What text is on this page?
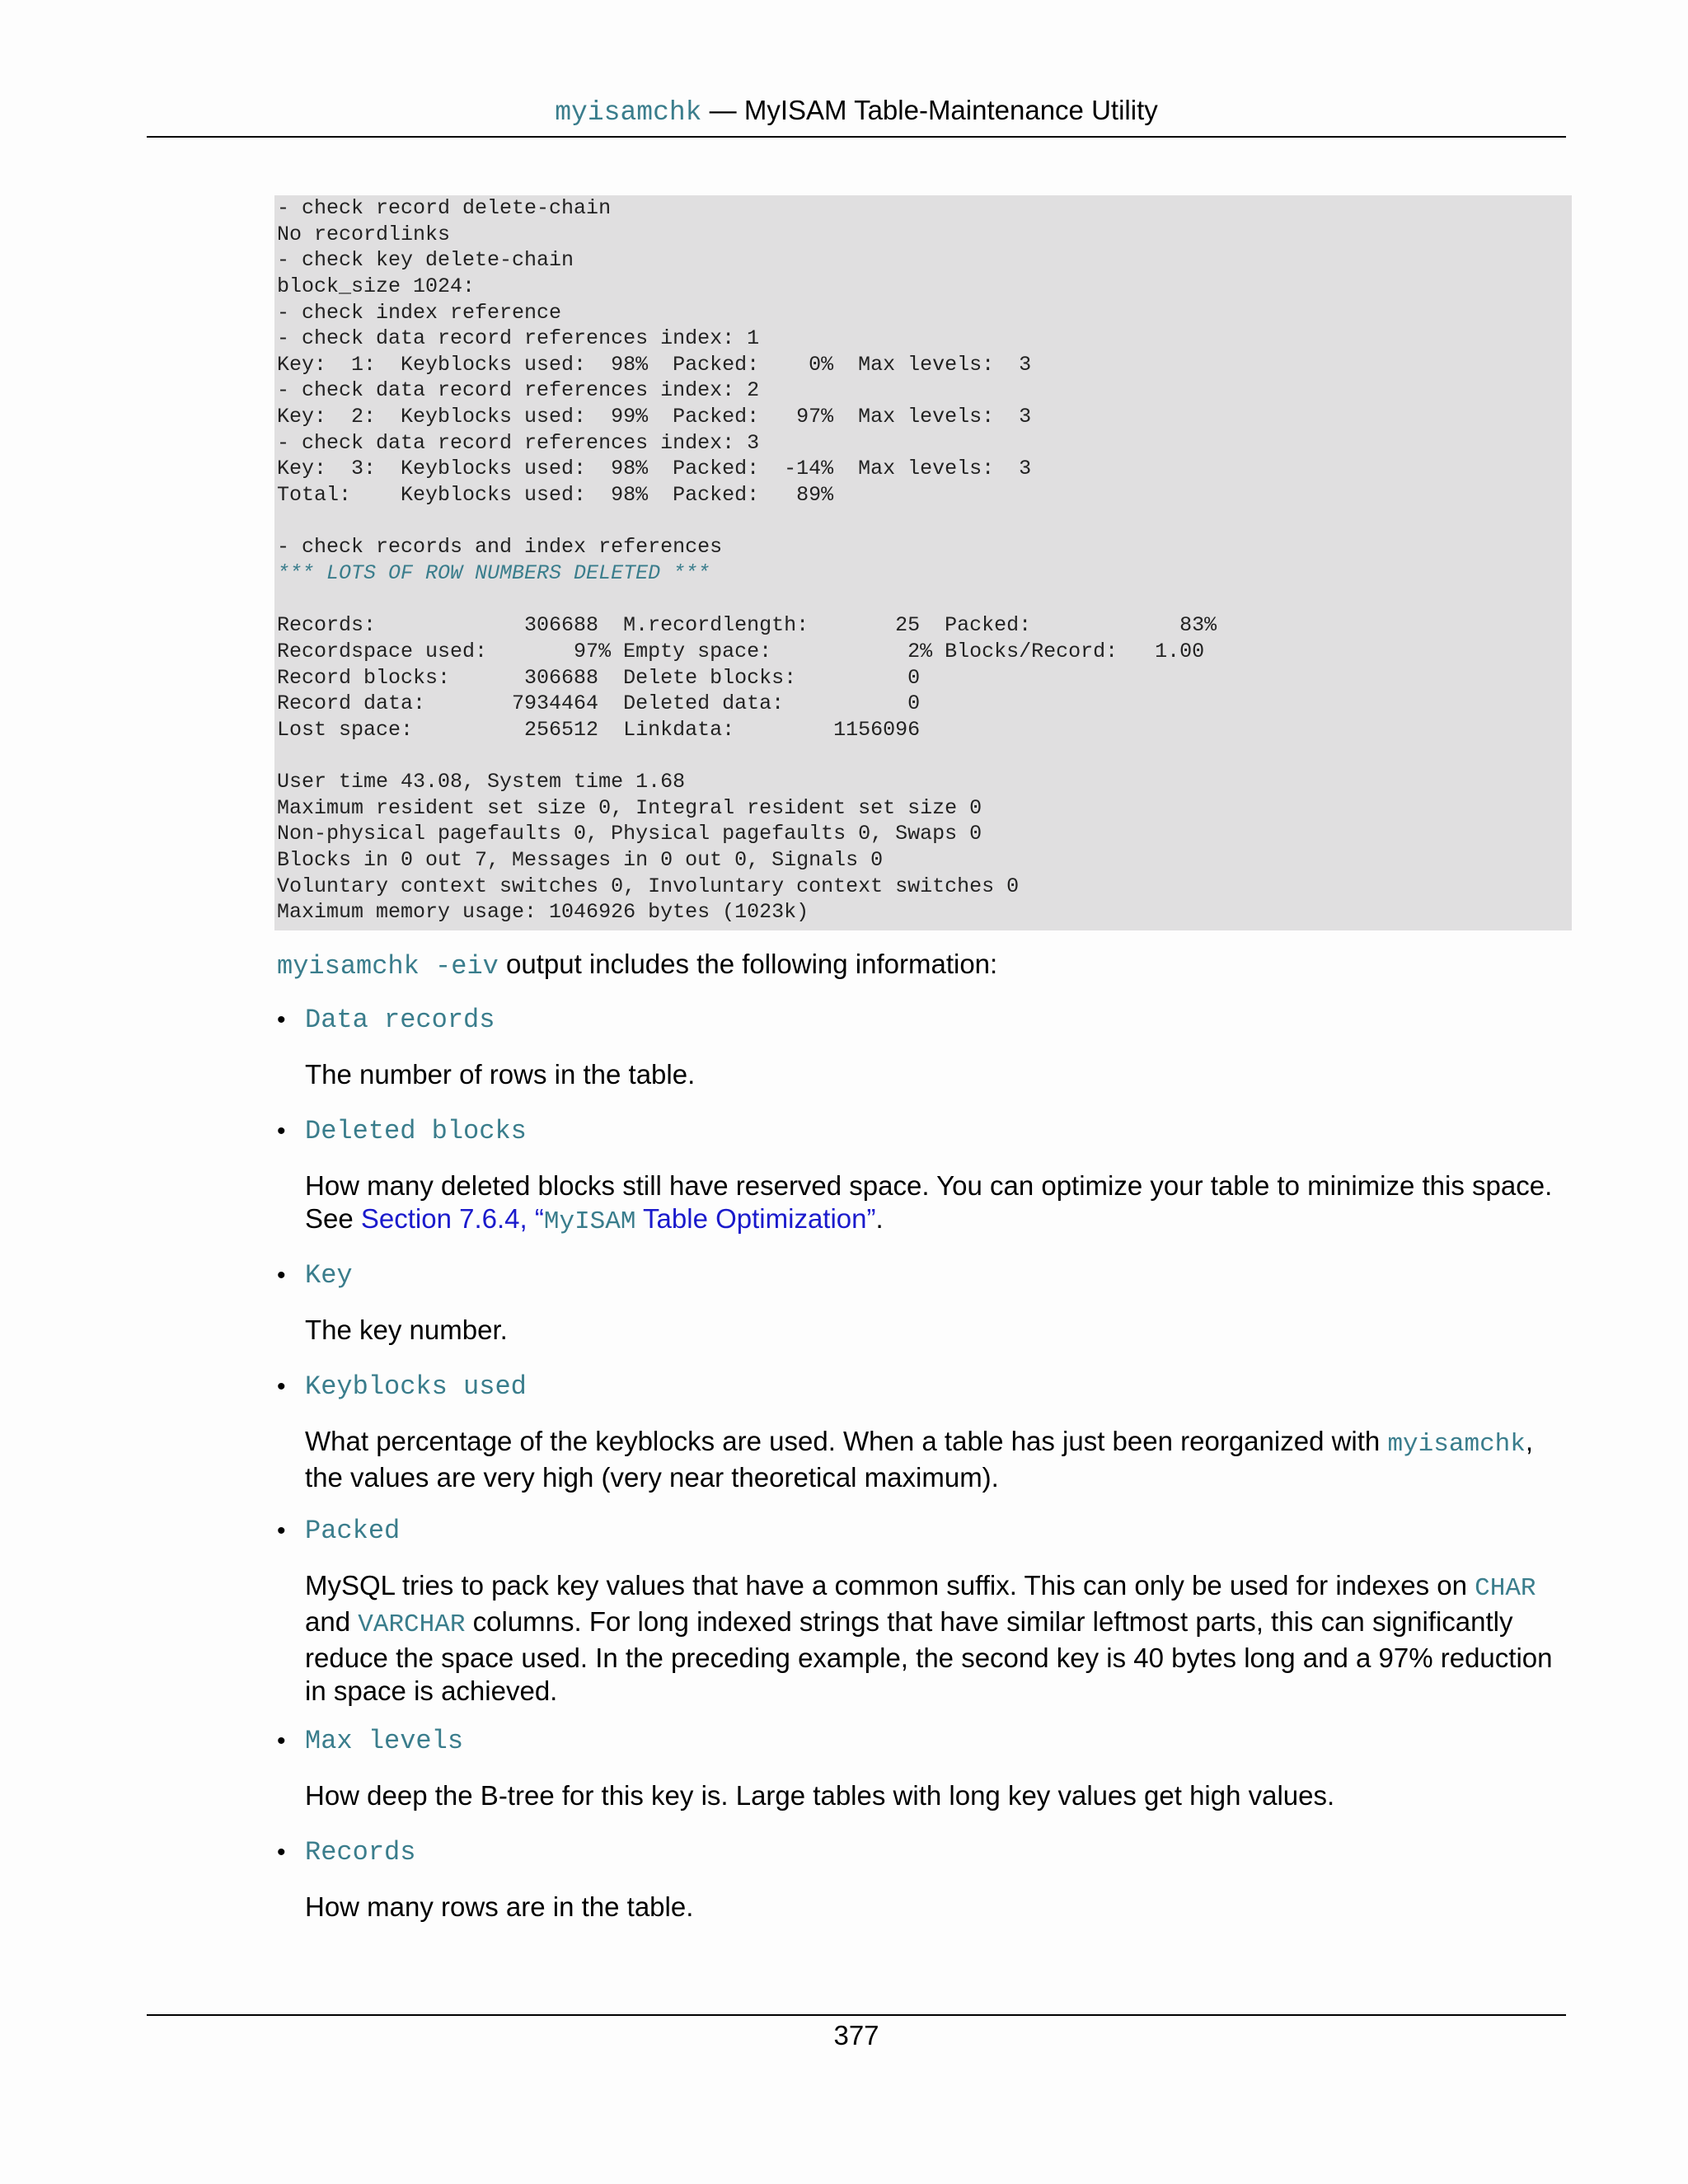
myisamchk — MyISAM Table-Maintenance Utility
- check record delete-chain
No recordlinks
- check key delete-chain
block_size 1024:
- check index reference
- check data record references index: 1
Key:  1:  Keyblocks used:  98%  Packed:    0%  Max levels:  3
- check data record references index: 2
Key:  2:  Keyblocks used:  99%  Packed:   97%  Max levels:  3
- check data record references index: 3
Key:  3:  Keyblocks used:  98%  Packed:  -14%  Max levels:  3
Total:    Keyblocks used:  98%  Packed:   89%
- check records and index references
*** LOTS OF ROW NUMBERS DELETED ***
Records:            306688  M.recordlength:       25  Packed:            83%
Recordspace used:       97% Empty space:           2% Blocks/Record:   1.00
Record blocks:      306688  Delete blocks:         0
Record data:       7934464  Deleted data:          0
Lost space:         256512  Linkdata:        1156096
User time 43.08, System time 1.68
Maximum resident set size 0, Integral resident set size 0
Non-physical pagefaults 0, Physical pagefaults 0, Swaps 0
Blocks in 0 out 7, Messages in 0 out 0, Signals 0
Voluntary context switches 0, Involuntary context switches 0
Maximum memory usage: 1046926 bytes (1023k)
myisamchk -eiv output includes the following information:
• Data records
The number of rows in the table.
• Deleted blocks
How many deleted blocks still have reserved space. You can optimize your table to minimize this space.
See Section 7.6.4, “MyISAM Table Optimization”.
• Key
The key number.
• Keyblocks used
What percentage of the keyblocks are used. When a table has just been reorganized with myisamchk, the values are very high (very near theoretical maximum).
• Packed
MySQL tries to pack key values that have a common suffix. This can only be used for indexes on CHAR and VARCHAR columns. For long indexed strings that have similar leftmost parts, this can significantly reduce the space used. In the preceding example, the second key is 40 bytes long and a 97% reduction in space is achieved.
• Max levels
How deep the B-tree for this key is. Large tables with long key values get high values.
• Records
How many rows are in the table.
377
